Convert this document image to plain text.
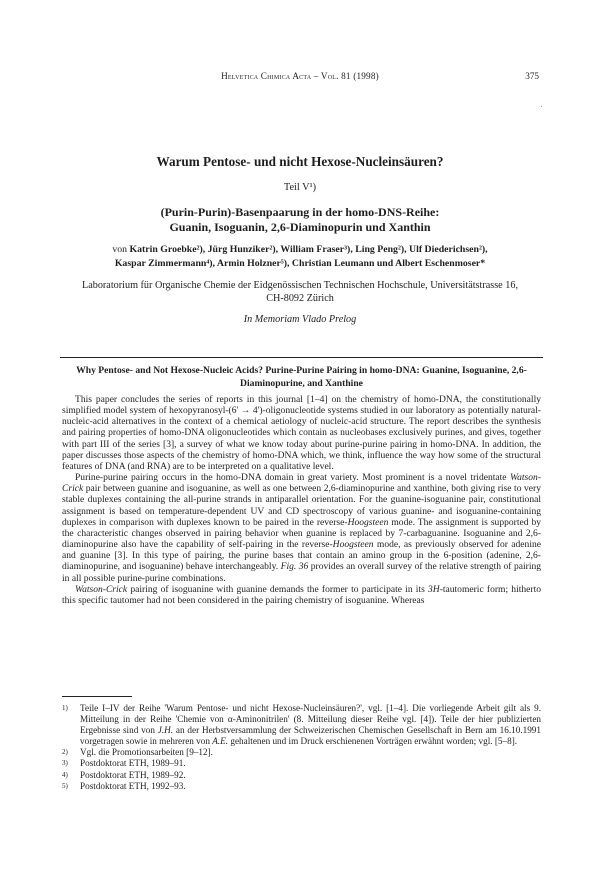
Helvetica Chimica Acta – Vol. 81 (1998)	375
Warum Pentose- und nicht Hexose-Nucleinsäuren?
Teil V¹)
(Purin-Purin)-Basenpaarung in der homo-DNS-Reihe:
Guanin, Isoguanin, 2,6-Diaminopurin und Xanthin
von Katrin Groebke²), Jürg Hunziker²), William Fraser³), Ling Peng²), Ulf Diederichsen²),
Kaspar Zimmermann⁴), Armin Holzner⁵), Christian Leumann und Albert Eschenmoser*
Laboratorium für Organische Chemie der Eidgenössischen Technischen Hochschule, Universitätstrasse 16,
CH-8092 Zürich
In Memoriam Vlado Prelog
Why Pentose- and Not Hexose-Nucleic Acids? Purine-Purine Pairing in homo-DNA: Guanine, Isoguanine, 2,6-Diaminopurine, and Xanthine

This paper concludes the series of reports in this journal [1–4] on the chemistry of homo-DNA, the constitutionally simplified model system of hexopyranosyl-(6' → 4')-oligonucleotide systems studied in our laboratory as potentially natural-nucleic-acid alternatives in the context of a chemical aetiology of nucleic-acid structure. The report describes the synthesis and pairing properties of homo-DNA oligonucleotides which contain as nucleobases exclusively purines, and gives, together with part III of the series [3], a survey of what we know today about purine-purine pairing in homo-DNA. In addition, the paper discusses those aspects of the chemistry of homo-DNA which, we think, influence the way how some of the structural features of DNA (and RNA) are to be interpreted on a qualitative level.

Purine-purine pairing occurs in the homo-DNA domain in great variety. Most prominent is a novel tridentate Watson-Crick pair between guanine and isoguanine, as well as one between 2,6-diaminopurine and xanthine, both giving rise to very stable duplexes containing the all-purine strands in antiparallel orientation. For the guanine-isoguanine pair, constitutional assignment is based on temperature-dependent UV and CD spectroscopy of various guanine- and isoguanine-containing duplexes in comparison with duplexes known to be paired in the reverse-Hoogsteen mode. The assignment is supported by the characteristic changes observed in pairing behavior when guanine is replaced by 7-carbaguanine. Isoguanine and 2,6-diaminopurine also have the capability of self-pairing in the reverse-Hoogsteen mode, as previously observed for adenine and guanine [3]. In this type of pairing, the purine bases that contain an amino group in the 6-position (adenine, 2,6-diaminopurine, and isoguanine) behave interchangeably. Fig. 36 provides an overall survey of the relative strength of pairing in all possible purine-purine combinations.

Watson-Crick pairing of isoguanine with guanine demands the former to participate in its 3H-tautomeric form; hitherto this specific tautomer had not been considered in the pairing chemistry of isoguanine. Whereas

1) Teile I–IV der Reihe 'Warum Pentose- und nicht Hexose-Nucleinsäuren?', vgl. [1–4]. Die vorliegende Arbeit gilt als 9. Mitteilung in der Reihe 'Chemie von α-Aminonitrilen' (8. Mitteilung dieser Reihe vgl. [4]). Teile der hier publizierten Ergebnisse sind von J.H. an der Herbstversammlung der Schweizerischen Chemischen Gesellschaft in Bern am 16.10.1991 vorgetragen sowie in mehreren von A.E. gehaltenen und im Druck erschienenen Vorträgen erwähnt worden; vgl. [5–8].
2) Vgl. die Promotionsarbeiten [9–12].
3) Postdoktorat ETH, 1989–91.
4) Postdoktorat ETH, 1989–92.
5) Postdoktorat ETH, 1992–93.
